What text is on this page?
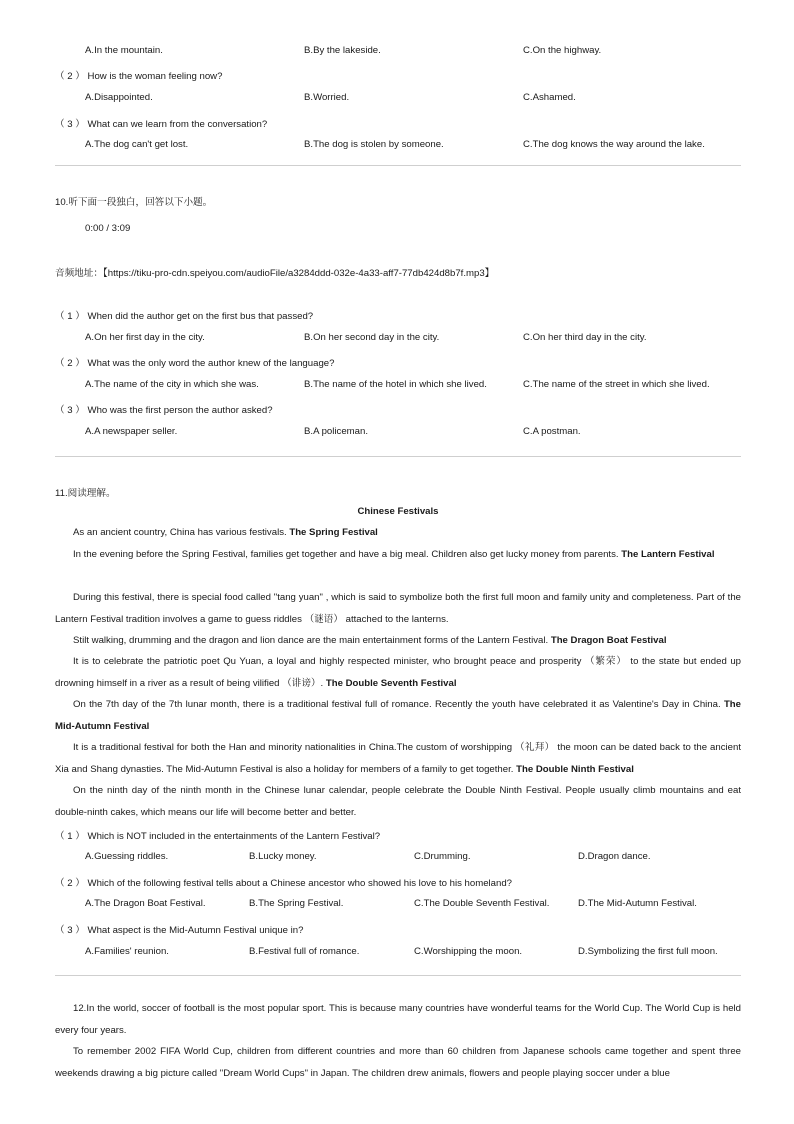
A.In the mountain.	B.By the lakeside.	C.On the highway.
（ 2 ） How is the woman feeling now?
A.Disappointed.	B.Worried.	C.Ashamed.
（ 3 ） What can we learn from the conversation?
A.The dog can't get lost.	B.The dog is stolen by someone.	C.The dog knows the way around the lake.
10.听下面一段独白，回答以下小题。
0:00 / 3:09
音频地址：【https://tiku-pro-cdn.speiyou.com/audioFile/a3284ddd-032e-4a33-aff7-77db424d8b7f.mp3】
（ 1 ） When did the author get on the first bus that passed?
A.On her first day in the city.	B.On her second day in the city.	C.On her third day in the city.
（ 2 ） What was the only word the author knew of the language?
A.The name of the city in which she was.	B.The name of the hotel in which she lived.	C.The name of the street in which she lived.
（ 3 ） Who was the first person the author asked?
A.A newspaper seller.	B.A policeman.	C.A postman.
11.阅读理解。
Chinese Festivals
As an ancient country, China has various festivals. The Spring Festival
In the evening before the Spring Festival, families get together and have a big meal. Children also get lucky money from parents. The Lantern Festival
During this festival, there is special food called "tang yuan" , which is said to symbolize both the first full moon and family unity and completeness. Part of the Lantern Festival tradition involves a game to guess riddles （谜语） attached to the lanterns.
Stilt walking, drumming and the dragon and lion dance are the main entertainment forms of the Lantern Festival. The Dragon Boat Festival
It is to celebrate the patriotic poet Qu Yuan, a loyal and highly respected minister, who brought peace and prosperity （繁荣） to the state but ended up drowning himself in a river as a result of being vilified （诽谤）. The Double Seventh Festival
On the 7th day of the 7th lunar month, there is a traditional festival full of romance. Recently the youth have celebrated it as Valentine's Day in China. The Mid-Autumn Festival
It is a traditional festival for both the Han and minority nationalities in China.The custom of worshipping （礼拜） the moon can be dated back to the ancient Xia and Shang dynasties. The Mid-Autumn Festival is also a holiday for members of a family to get together. The Double Ninth Festival
On the ninth day of the ninth month in the Chinese lunar calendar, people celebrate the Double Ninth Festival. People usually climb mountains and eat double-ninth cakes, which means our life will become better and better.
（ 1 ） Which is NOT included in the entertainments of the Lantern Festival?
A.Guessing riddles.	B.Lucky money.	C.Drumming.	D.Dragon dance.
（ 2 ） Which of the following festival tells about a Chinese ancestor who showed his love to his homeland?
A.The Dragon Boat Festival.	B.The Spring Festival.	C.The Double Seventh Festival.	D.The Mid-Autumn Festival.
（ 3 ） What aspect is the Mid-Autumn Festival unique in?
A.Families' reunion.	B.Festival full of romance.	C.Worshipping the moon.	D.Symbolizing the first full moon.
12.In the world, soccer of football is the most popular sport. This is because many countries have wonderful teams for the World Cup. The World Cup is held every four years.
To remember 2002 FIFA World Cup, children from different countries and more than 60 children from Japanese schools came together and spent three weekends drawing a big picture called "Dream World Cups" in Japan. The children drew animals, flowers and people playing soccer under a blue
